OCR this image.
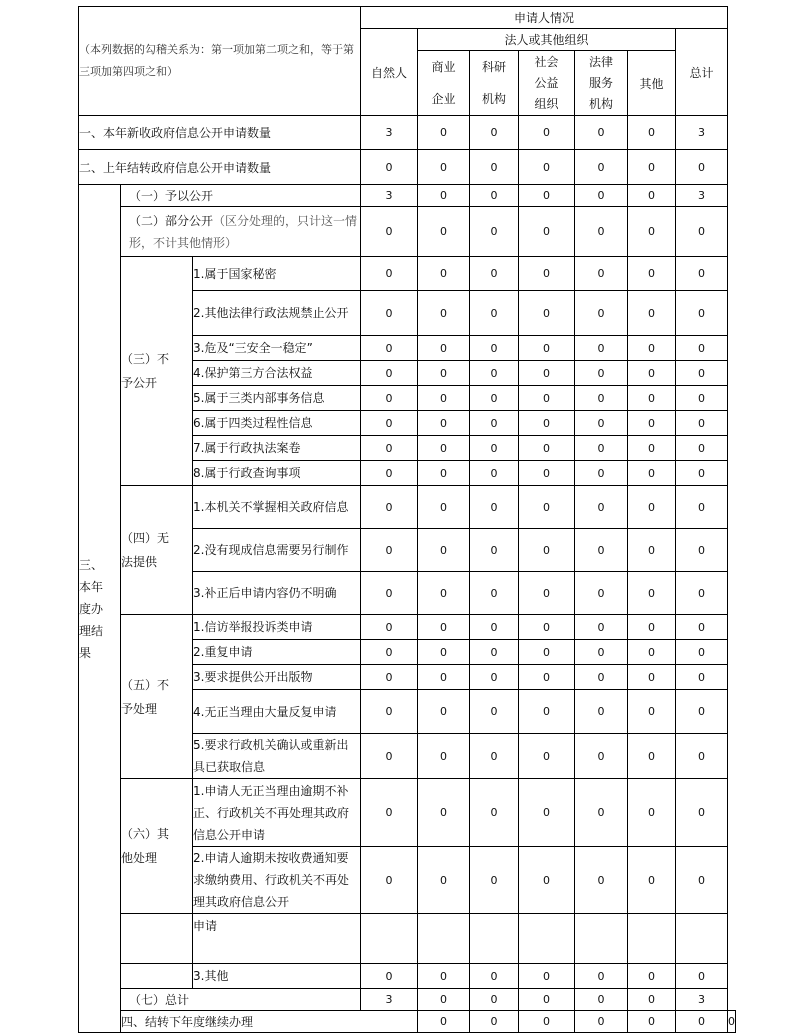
（本列数据的勾稽关系为：第一项加第二项之和，等于第三项加第四项之和）			申请人情况							
			自然人	法人或其他组织					总计	

				商业企业	科研机构	社会公益组织	法律服务机构	其他		
一、本年新收政府信息公开申请数量			3	0	0	0	0	0	3	
二、上年结转政府信息公开申请数量			0	0	0	0	0	0	0	

三、本年度办理结果	（一）予以公开		3	0	0	0	0	0	3	
	（二）部分公开（区分处理的，只计这一情形，不计其他情形）		0	0	0	0	0	0	0	

	（三）不予公开	1.属于国家秘密	0	0	0	0	0	0	0	
		2.其他法律行政法规禁止公开	0	0	0	0	0	0	0	
		3.危及“三安全一稳定”	0	0	0	0	0	0	0	
		4.保护第三方合法权益	0	0	0	0	0	0	0	
		5.属于三类内部事务信息	0	0	0	0	0	0	0	
		6.属于四类过程性信息	0	0	0	0	0	0	0	
		7.属于行政执法案卷	0	0	0	0	0	0	0	
		8.属于行政查询事项	0	0	0	0	0	0	0	

	（四）无法提供	1.本机关不掌握相关政府信息	0	0	0	0	0	0	0	
		2.没有现成信息需要另行制作	0	0	0	0	0	0	0	
		3.补正后申请内容仍不明确	0	0	0	0	0	0	0	

	（五）不予处理	1.信访举报投诉类申请	0	0	0	0	0	0	0	
		2.重复申请	0	0	0	0	0	0	0	
		3.要求提供公开出版物	0	0	0	0	0	0	0	
		4.无正当理由大量反复申请	0	0	0	0	0	0	0	
		5.要求行政机关确认或重新出具已获取信息	0	0	0	0	0	0	0	

	（六）其他处理	1.申请人无正当理由逾期不补正、行政机关不再处理其政府信息公开申请	0	0	0	0	0	0	0	
		2.申请人逾期未按收费通知要求缴纳费用、行政机关不再处理其政府信息公开	0	0	0	0	0	0	0	
		申请								
		3.其他	0	0	0	0	0	0	0	
	（七）总计		3	0	0	0	0	0	3	
	四、结转下年度继续办理			0	0	0	0	0	0	0
